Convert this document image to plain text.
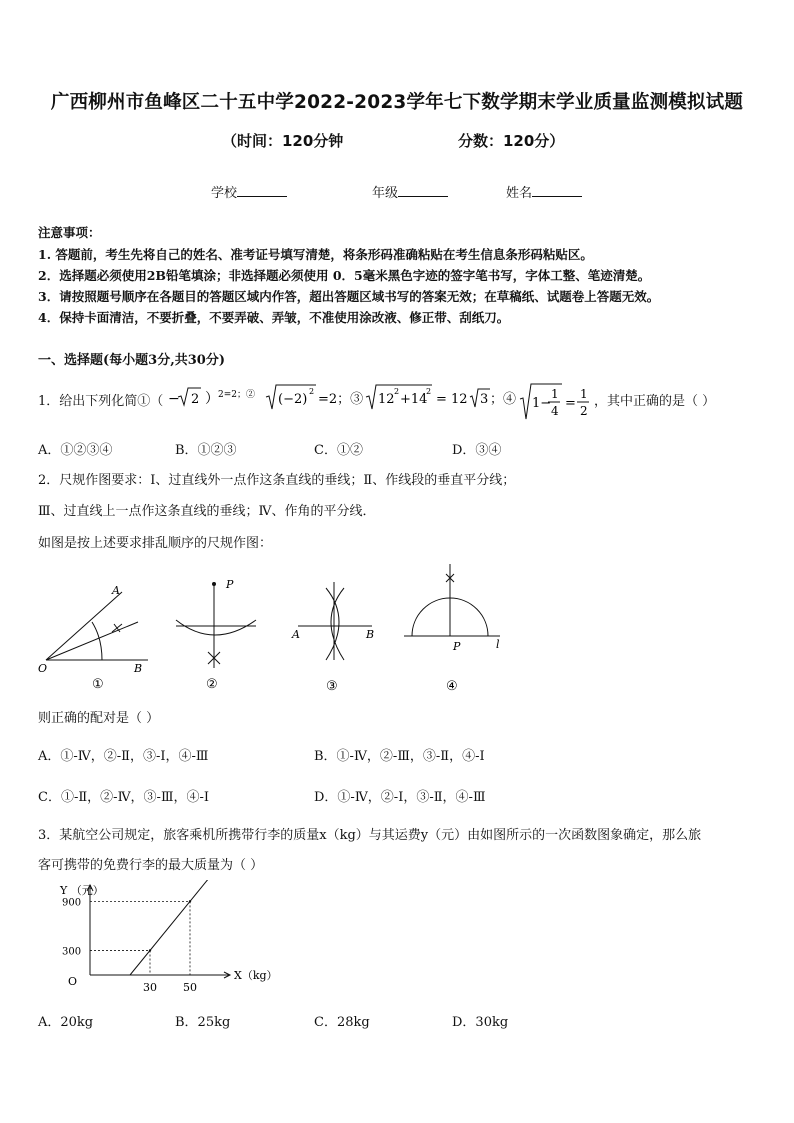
广西柳州市鱼峰区二十五中学2022-2023学年七下数学期末学业质量监测模拟试题
（时间：120分钟	分数：120分）
学校	年级	姓名
注意事项：
1. 答题前，考生先将自己的姓名、准考证号填写清楚，将条形码准确粘贴在考生信息条形码粘贴区。
2．选择题必须使用2B铅笔填涂；非选择题必须使用 0．5毫米黑色字迹的签字笔书写，字体工整、笔迹清楚。
3．请按照题号顺序在各题目的答题区域内作答，超出答题区域书写的答案无效；在草稿纸、试题卷上答题无效。
4．保持卡面清洁，不要折叠，不要弄破、弄皱，不准使用涂改液、修正带、刮纸刀。
一、选择题(每小题3分,共30分)
1．给出下列化简①（ − 2 ） 2=2；② (−2)
2
=2；③ 12
2
+14
2
= 12 3 ；④ 1−
1
4 =
1
2
，其中正确的是（ ）
A．①②③④	B．①②③	C．①②	D．③④
2．尺规作图要求：Ⅰ、过直线外一点作这条直线的垂线；Ⅱ、作线段的垂直平分线；
Ⅲ、过直线上一点作这条直线的垂线；Ⅳ、作角的平分线．
如图是按上述要求排乱顺序的尺规作图：
A
O	B
①
P
②
A	B
③
P	l
④
则正确的配对是（ ）
A．①-Ⅳ，②-Ⅱ，③-Ⅰ，④-Ⅲ	B．①-Ⅳ，②-Ⅲ，③-Ⅱ，④-Ⅰ
C．①-Ⅱ，②-Ⅳ，③-Ⅲ，④-Ⅰ	D．①-Ⅳ，②-Ⅰ，③-Ⅱ，④-Ⅲ
3．某航空公司规定，旅客乘机所携带行李的质量x（kg）与其运费y（元）由如图所示的一次函数图象确定，那么旅
客可携带的免费行李的最大质量为（ ）
X（kg）
Y （元）
O	30 50
300
900
A．20kg	B．25kg	C．28kg	D．30kg
